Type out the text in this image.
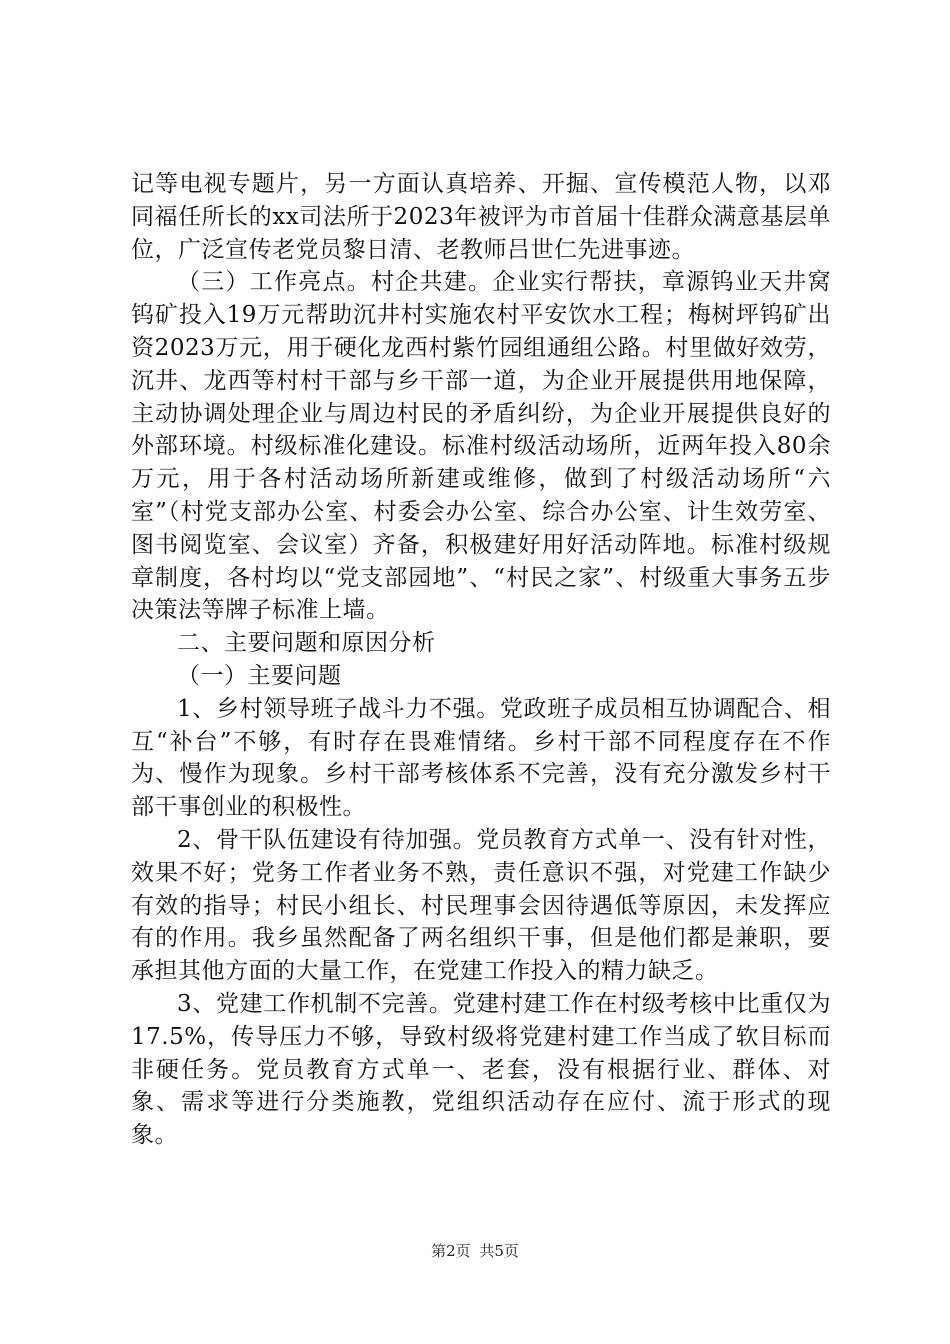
记等电视专题片，另一方面认真培养、开掘、宣传模范人物，以邓同福任所长的xx司法所于2023年被评为市首届十佳群众满意基层单位，广泛宣传老党员黎日清、老教师吕世仁先进事迹。

（三）工作亮点。村企共建。企业实行帮扶，章源钨业天井窝钨矿投入19万元帮助沉井村实施农村平安饮水工程；梅树坪钨矿出资2023万元，用于硬化龙西村紫竹园组通组公路。村里做好效劳，沉井、龙西等村村干部与乡干部一道，为企业开展提供用地保障，主动协调处理企业与周边村民的矛盾纠纷，为企业开展提供良好的外部环境。村级标准化建设。标准村级活动场所，近两年投入80余万元，用于各村活动场所新建或维修，做到了村级活动场所“六室”（村党支部办公室、村委会办公室、综合办公室、计生效劳室、图书阅览室、会议室）齐备，积极建好用好活动阵地。标准村级规章制度，各村均以“党支部园地”、“村民之家”、村级重大事务五步决策法等牌子标准上墙。

二、主要问题和原因分析

（一）主要问题

1、乡村领导班子战斗力不强。党政班子成员相互协调配合、相互“补台”不够，有时存在畏难情绪。乡村干部不同程度存在不作为、慢作为现象。乡村干部考核体系不完善，没有充分激发乡村干部干事创业的积极性。

2、骨干队伍建设有待加强。党员教育方式单一、没有针对性，效果不好；党务工作者业务不熟，责任意识不强，对党建工作缺少有效的指导；村民小组长、村民理事会因待遇低等原因，未发挥应有的作用。我乡虽然配备了两名组织干事，但是他们都是兼职，要承担其他方面的大量工作，在党建工作投入的精力缺乏。

3、党建工作机制不完善。党建村建工作在村级考核中比重仅为17.5%，传导压力不够，导致村级将党建村建工作当成了软目标而非硬任务。党员教育方式单一、老套，没有根据行业、群体、对象、需求等进行分类施教，党组织活动存在应付、流于形式的现象。

第2页 共5页
